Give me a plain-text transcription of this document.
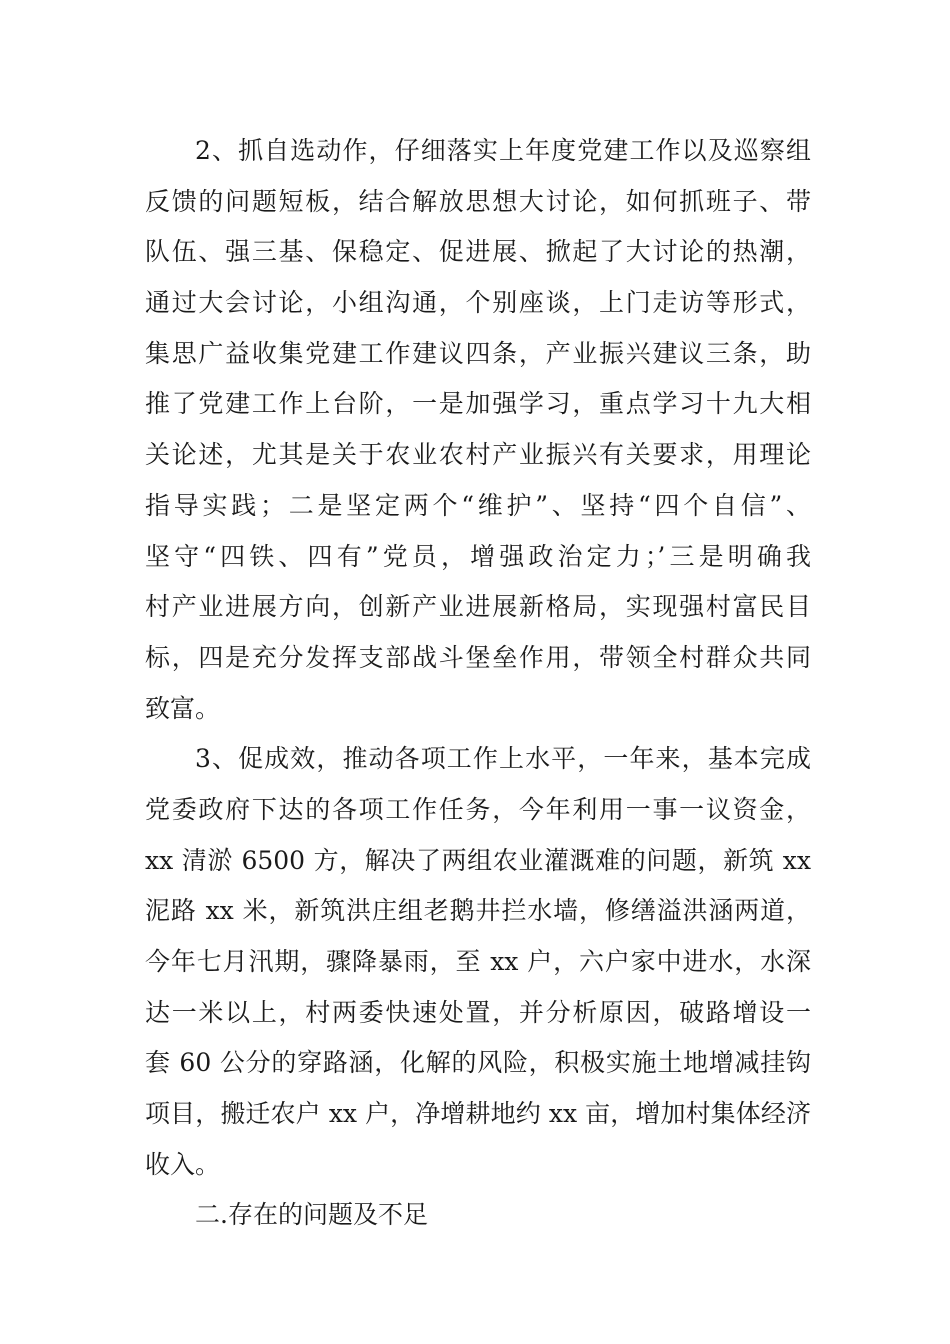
2、抓自选动作，仔细落实上年度党建工作以及巡察组
反馈的问题短板，结合解放思想大讨论，如何抓班子、带
队伍、强三基、保稳定、促进展、掀起了大讨论的热潮，
通过大会讨论，小组沟通，个别座谈，上门走访等形式，
集思广益收集党建工作建议四条，产业振兴建议三条，助
推了党建工作上台阶，一是加强学习，重点学习十九大相
关论述，尤其是关于农业农村产业振兴有关要求，用理论
指导实践；二是坚定两个“维护”、坚持“四个自信”、
坚守“四铁、四有”党员，增强政治定力；’三是明确我
村产业进展方向，创新产业进展新格局，实现强村富民目
标，四是充分发挥支部战斗堡垒作用，带领全村群众共同
致富。
3、促成效，推动各项工作上水平，一年来，基本完成
党委政府下达的各项工作任务，今年利用一事一议资金，
xx 清淤 6500 方，解决了两组农业灌溉难的问题，新筑 xx
泥路 xx 米，新筑洪庄组老鹅井拦水墙，修缮溢洪涵两道，
今年七月汛期，骤降暴雨，至 xx 户，六户家中进水，水深
达一米以上，村两委快速处置，并分析原因，破路增设一
套 60 公分的穿路涵，化解的风险，积极实施土地增减挂钩
项目，搬迁农户 xx 户，净增耕地约 xx 亩，增加村集体经济
收入。
二.存在的问题及不足
